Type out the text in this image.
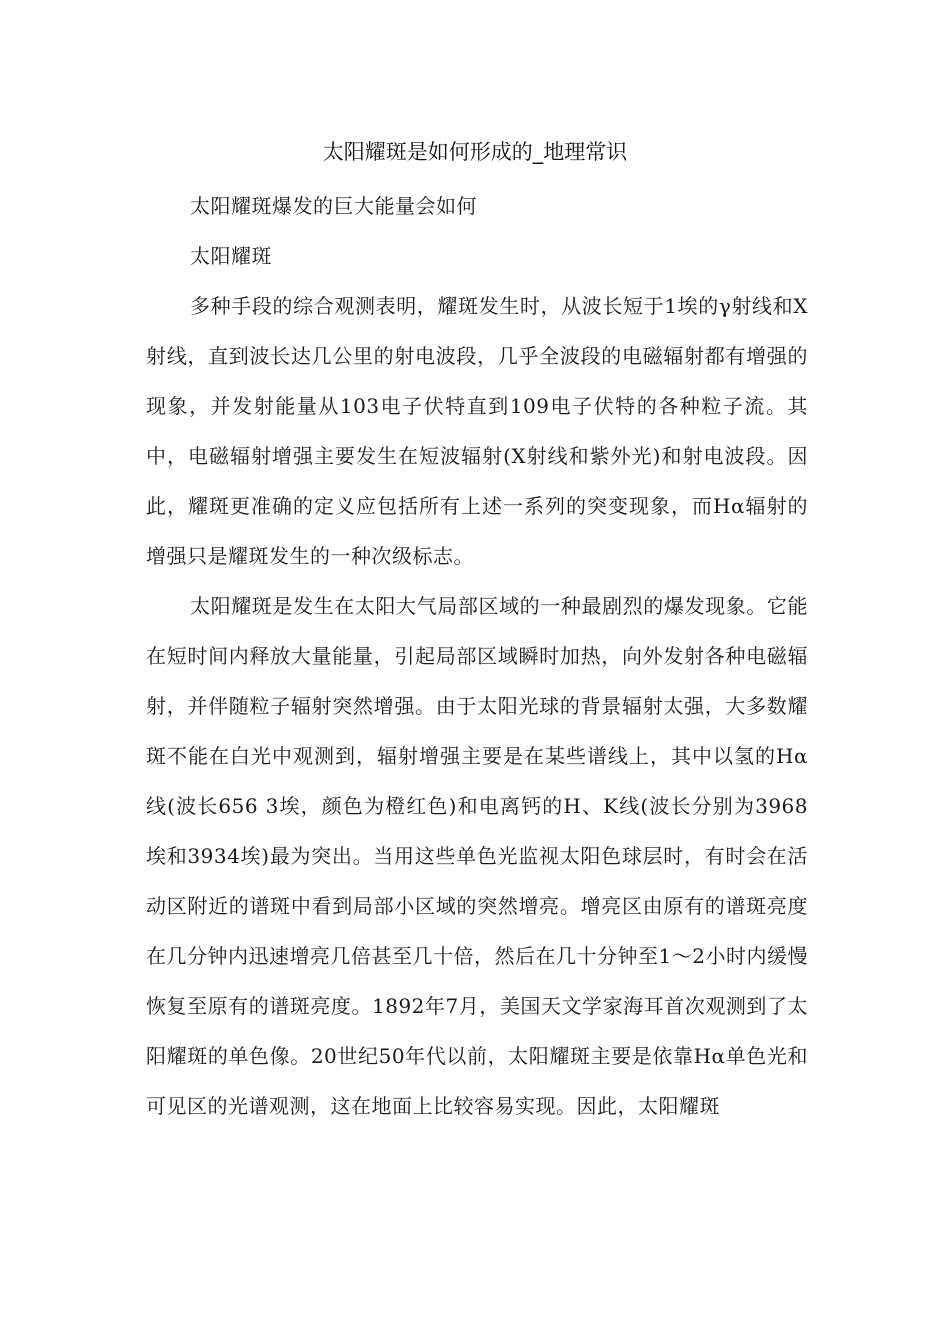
太阳耀斑是如何形成的_地理常识

太阳耀斑爆发的巨大能量会如何

太阳耀斑

多种手段的综合观测表明，耀斑发生时，从波长短于1埃的γ射线和X射线，直到波长达几公里的射电波段，几乎全波段的电磁辐射都有增强的现象，并发射能量从103电子伏特直到109电子伏特的各种粒子流。其中，电磁辐射增强主要发生在短波辐射(X射线和紫外光)和射电波段。因此，耀斑更准确的定义应包括所有上述一系列的突变现象，而Hα辐射的增强只是耀斑发生的一种次级标志。

太阳耀斑是发生在太阳大气局部区域的一种最剧烈的爆发现象。它能在短时间内释放大量能量，引起局部区域瞬时加热，向外发射各种电磁辐射，并伴随粒子辐射突然增强。由于太阳光球的背景辐射太强，大多数耀斑不能在白光中观测到，辐射增强主要是在某些谱线上，其中以氢的Hα线(波长656 3埃，颜色为橙红色)和电离钙的H、K线(波长分别为3968埃和3934埃)最为突出。当用这些单色光监视太阳色球层时，有时会在活动区附近的谱斑中看到局部小区域的突然增亮。增亮区由原有的谱斑亮度在几分钟内迅速增亮几倍甚至几十倍，然后在几十分钟至1～2小时内缓慢恢复至原有的谱斑亮度。1892年7月，美国天文学家海耳首次观测到了太阳耀斑的单色像。20世纪50年代以前，太阳耀斑主要是依靠Hα单色光和可见区的光谱观测，这在地面上比较容易实现。因此，太阳耀斑
